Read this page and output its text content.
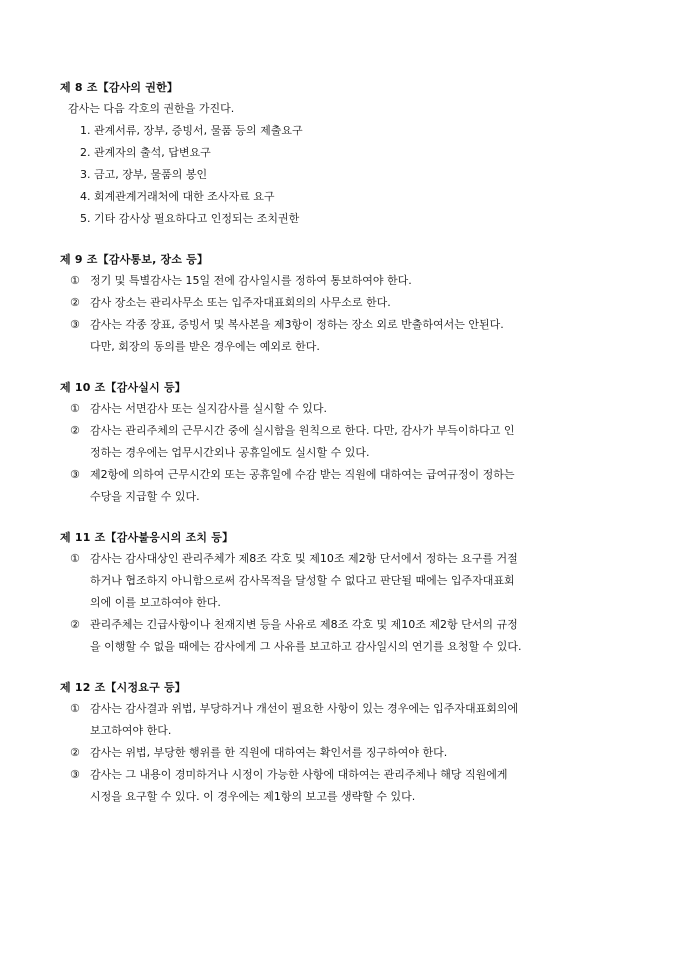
제 8 조【감사의 권한】
감사는 다음 각호의 권한을 가진다.
1. 관계서류, 장부, 증빙서, 물품 등의 제출요구
2. 관계자의 출석, 답변요구
3. 금고, 장부, 물품의 봉인
4. 회계관계거래처에 대한 조사자료 요구
5. 기타 감사상 필요하다고 인정되는 조치권한
제 9 조【감사통보, 장소 등】
① 정기 및 특별감사는 15일 전에 감사일시를 정하여 통보하여야 한다.
② 감사 장소는 관리사무소 또는 입주자대표회의의 사무소로 한다.
③ 감사는 각종 장표, 증빙서 및 복사본을 제3항이 정하는 장소 외로 반출하여서는 안된다.
다만, 회장의 동의를 받은 경우에는 예외로 한다.
제 10 조【감사실시 등】
① 감사는 서면감사 또는 실지감사를 실시할 수 있다.
② 감사는 관리주체의 근무시간 중에 실시함을 원칙으로 한다. 다만, 감사가 부득이하다고 인
정하는 경우에는 업무시간외나 공휴일에도 실시할 수 있다.
③ 제2항에 의하여 근무시간외 또는 공휴일에 수감 받는 직원에 대하여는 급여규정이 정하는
수당을 지급할 수 있다.
제 11 조【감사불응시의 조치 등】
① 감사는 감사대상인 관리주체가 제8조 각호 및 제10조 제2항 단서에서 정하는 요구를 거절
하거나 협조하지 아니함으로써 감사목적을 달성할 수 없다고 판단될 때에는 입주자대표회
의에 이를 보고하여야 한다.
② 관리주체는 긴급사항이나 천재지변 등을 사유로 제8조 각호 및 제10조 제2항 단서의 규정
을 이행할 수 없을 때에는 감사에게 그 사유를 보고하고 감사일시의 연기를 요청할 수 있다.
제 12 조【시정요구 등】
① 감사는 감사결과 위법, 부당하거나 개선이 필요한 사항이 있는 경우에는 입주자대표회의에
보고하여야 한다.
② 감사는 위법, 부당한 행위를 한 직원에 대하여는 확인서를 징구하여야 한다.
③ 감사는 그 내용이 경미하거나 시정이 가능한 사항에 대하여는 관리주체나 해당 직원에게
시정을 요구할 수 있다. 이 경우에는 제1항의 보고를 생략할 수 있다.
